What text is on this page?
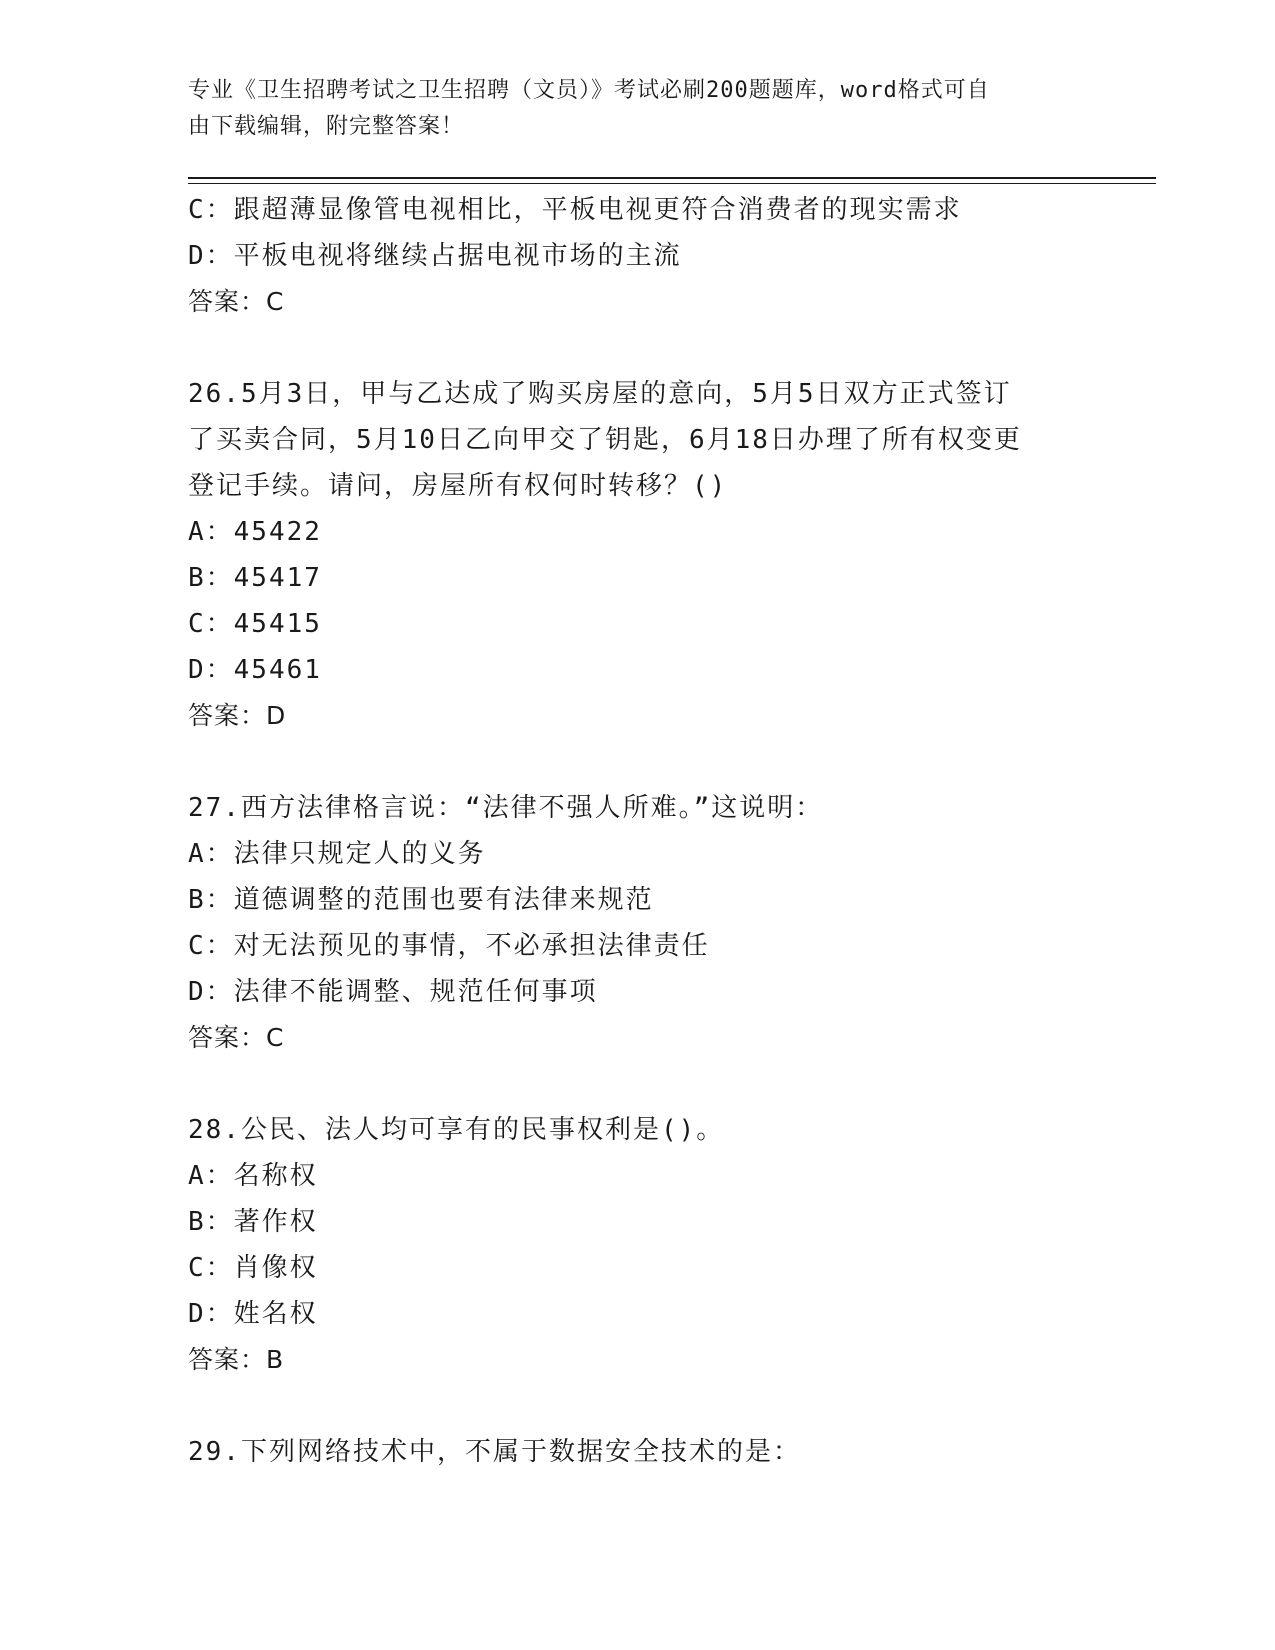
专业《卫生招聘考试之卫生招聘（文员）》考试必刷200题题库，word格式可自
由下载编辑，附完整答案！
C：跟超薄显像管电视相比，平板电视更符合消费者的现实需求
D：平板电视将继续占据电视市场的主流
答案：C
26.5月3日，甲与乙达成了购买房屋的意向，5月5日双方正式签订
了买卖合同，5月10日乙向甲交了钥匙，6月18日办理了所有权变更
登记手续。请问，房屋所有权何时转移？()
A：45422
B：45417
C：45415
D：45461
答案：D
27.西方法律格言说：“法律不强人所难。”这说明：
A：法律只规定人的义务
B：道德调整的范围也要有法律来规范
C：对无法预见的事情，不必承担法律责任
D：法律不能调整、规范任何事项
答案：C
28.公民、法人均可享有的民事权利是()。
A：名称权
B：著作权
C：肖像权
D：姓名权
答案：B
29.下列网络技术中，不属于数据安全技术的是：
